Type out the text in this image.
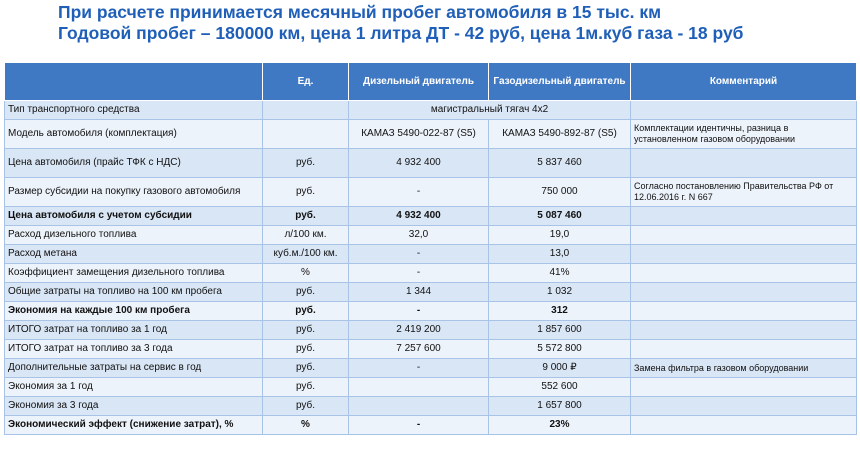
При расчете принимается месячный пробег автомобиля в 15 тыс. км
Годовой пробег – 180000 км, цена 1 литра ДТ - 42 руб, цена 1м.куб газа - 18 руб
	Ед.	Дизельный двигатель	Газодизельный двигатель	Комментарий
Тип транспортного средства		магистральный тягач 4x2		
Модель автомобиля (комплектация)		КАМАЗ 5490-022-87 (S5)	КАМАЗ 5490-892-87 (S5)	Комплектации идентичны, разница в установленном газовом оборудовании
Цена автомобиля (прайс ТФК с НДС)	руб.	4 932 400	5 837 460	
Размер субсидии на покупку газового автомобиля	руб.	-	750 000	Согласно постановлению Правительства РФ от 12.06.2016 г. N 667
Цена автомобиля с учетом субсидии	руб.	4 932 400	5 087 460	
Расход дизельного топлива	л/100 км.	32,0	19,0	
Расход метана	куб.м./100 км.	-	13,0	
Коэффициент замещения дизельного топлива	%	-	41%	
Общие затраты на топливо на 100 км пробега	руб.	1 344	1 032	
Экономия на каждые 100 км пробега	руб.	-	312	
ИТОГО затрат на топливо за 1 год	руб.	2 419 200	1 857 600	
ИТОГО затрат на топливо за 3 года	руб.	7 257 600	5 572 800	
Дополнительные затраты на сервис в год	руб.	-	9 000 ₽	Замена фильтра в газовом оборудовании
Экономия за 1 год	руб.		552 600	
Экономия за 3 года	руб.		1 657 800	
Экономический эффект (снижение затрат), %	%	-	23%	
